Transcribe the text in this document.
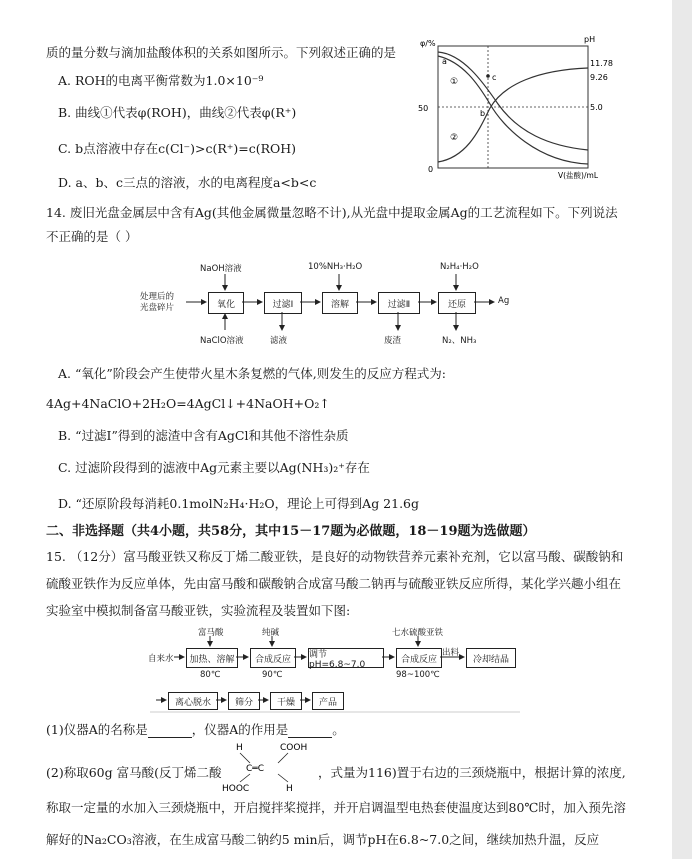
质的量分数与滴加盐酸体积的关系如图所示。下列叙述正确的是
A. ROH的电离平衡常数为1.0×10⁻⁹
B. 曲线①代表φ(ROH)，曲线②代表φ(R⁺)
C. b点溶液中存在c(Cl⁻)>c(R⁺)=c(ROH)
D. a、b、c三点的溶液，水的电离程度a<b<c
φ/%	pH
50
0
11.78
9.26
5.0
①
②
a
b
c
V(盐酸)/mL
14. 废旧光盘金属层中含有Ag(其他金属微量忽略不计),从光盘中提取金属Ag的工艺流程如下。下列说法
不正确的是（ ）
处理后的
光盘碎片	氧化	过滤Ⅰ	溶解	过滤Ⅱ	还原	Ag
NaOH溶液
NaClO溶液
10%NH₃·H₂O	N₂H₄·H₂O
滤液	废渣	N₂、NH₃
A. “氧化”阶段会产生使带火星木条复燃的气体,则发生的反应方程式为:
4Ag+4NaClO+2H₂O=4AgCl↓+4NaOH+O₂↑
B. “过滤Ⅰ”得到的滤渣中含有AgCl和其他不溶性杂质
C. 过滤阶段得到的滤液中Ag元素主要以Ag(NH₃)₂⁺存在
D. “还原阶段每消耗0.1molN₂H₄·H₂O，理论上可得到Ag 21.6g
二、非选择题（共4小题，共58分，其中15－17题为必做题，18－19题为选做题）
15. （12分）富马酸亚铁又称反丁烯二酸亚铁，是良好的动物铁营养元素补充剂，它以富马酸、碳酸钠和
硫酸亚铁作为反应单体，先由富马酸和碳酸钠合成富马酸二钠再与硫酸亚铁反应所得，某化学兴趣小组在
实验室中模拟制备富马酸亚铁，实验流程及装置如下图:
自来水	加热、溶解	合成反应	调节pH=6.8~7.0	合成反应	冷却结晶
富马酸	纯碱	七水硫酸亚铁
80℃	90℃	98~100℃
出料
离心脱水	筛分	干燥	产品
(1)仪器A的名称是	，仪器A的作用是	。
(2)称取60g 富马酸(反丁烯二酸
H	COOH
C═C
HOOC	H
，式量为116)置于右边的三颈烧瓶中，根据计算的浓度,
称取一定量的水加入三颈烧瓶中，开启搅拌桨搅拌，并开启调温型电热套使温度达到80℃时，加入预先溶
解好的Na₂CO₃溶液，在生成富马酸二钠约5 min后，调节pH在6.8~7.0之间，继续加热升温，反应
